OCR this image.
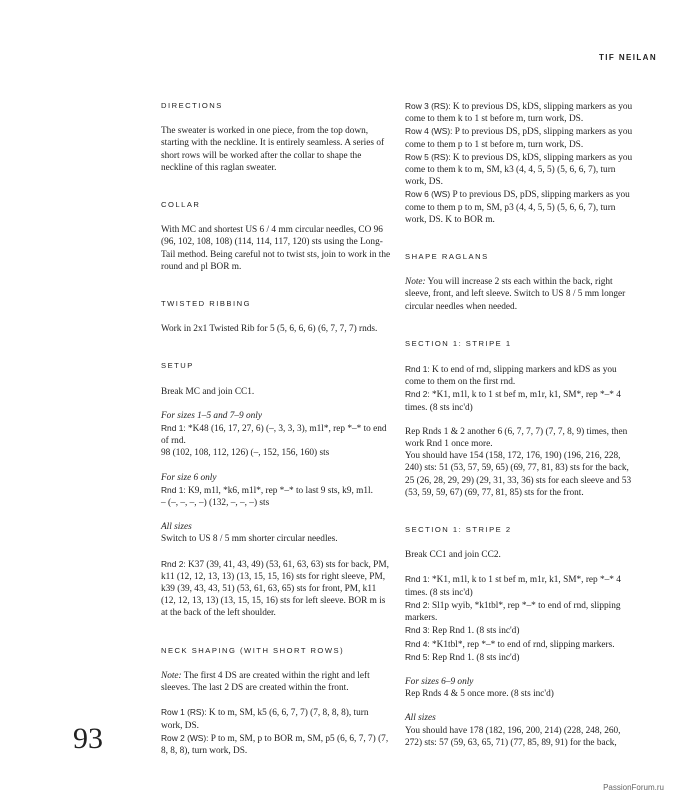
TIF NEILAN
DIRECTIONS

The sweater is worked in one piece, from the top down, starting with the neckline. It is entirely seamless. A series of short rows will be worked after the collar to shape the neckline of this raglan sweater.

COLLAR

With MC and shortest US 6 / 4 mm circular needles, CO 96 (96, 102, 108, 108) (114, 114, 117, 120) sts using the Long-Tail method. Being careful not to twist sts, join to work in the round and pl BOR m.

TWISTED RIBBING

Work in 2x1 Twisted Rib for 5 (5, 6, 6, 6) (6, 7, 7, 7) rnds.

SETUP

Break MC and join CC1.

For sizes 1–5 and 7–9 only
Rnd 1: *K48 (16, 17, 27, 6) (–, 3, 3, 3), m1l*, rep *–* to end of rnd.

98 (102, 108, 112, 126) (–, 152, 156, 160) sts

For size 6 only
Rnd 1: K9, m1l, *k6, m1l*, rep *–* to last 9 sts, k9, m1l.

– (–, –, –, –) (132, –, –, –) sts

All sizes

Switch to US 8 / 5 mm shorter circular needles.

Rnd 2: K37 (39, 41, 43, 49) (53, 61, 63, 63) sts for back, PM, k11 (12, 12, 13, 13) (13, 15, 15, 16) sts for right sleeve, PM, k39 (39, 43, 43, 51) (53, 61, 63, 65) sts for front, PM, k11 (12, 12, 13, 13) (13, 15, 15, 16) sts for left sleeve. BOR m is at the back of the left shoulder.

NECK SHAPING (WITH SHORT ROWS)

Note: The first 4 DS are created within the right and left sleeves. The last 2 DS are created within the front.

Row 1 (RS): K to m, SM, k5 (6, 6, 7, 7) (7, 8, 8, 8), turn work, DS.
Row 2 (WS): P to m, SM, p to BOR m, SM, p5 (6, 6, 7, 7) (7, 8, 8, 8), turn work, DS.
Row 3 (RS): K to previous DS, kDS, slipping markers as you come to them k to 1 st before m, turn work, DS.
Row 4 (WS): P to previous DS, pDS, slipping markers as you come to them p to 1 st before m, turn work, DS.
Row 5 (RS): K to previous DS, kDS, slipping markers as you come to them k to m, SM, k3 (4, 4, 5, 5) (5, 6, 6, 7), turn work, DS.

Row 6 (WS) P to previous DS, pDS, slipping markers as you come to them p to m, SM, p3 (4, 4, 5, 5) (5, 6, 6, 7), turn work, DS. K to BOR m.

SHAPE RAGLANS

Note: You will increase 2 sts each within the back, right sleeve, front, and left sleeve. Switch to US 8 / 5 mm longer circular needles when needed.

SECTION 1: STRIPE 1
Rnd 1: K to end of rnd, slipping markers and kDS as you come to them on the first rnd.

Rnd 2: *K1, m1l, k to 1 st bef m, m1r, k1, SM*, rep *–* 4 times. (8 sts inc'd)

Rep Rnds 1 & 2 another 6 (6, 7, 7, 7) (7, 7, 8, 9) times, then work Rnd 1 once more.

You should have 154 (158, 172, 176, 190) (196, 216, 228, 240) sts: 51 (53, 57, 59, 65) (69, 77, 81, 83) sts for the back, 25 (26, 28, 29, 29) (29, 31, 33, 36) sts for each sleeve and 53 (53, 59, 59, 67) (69, 77, 81, 85) sts for the front.

SECTION 1: STRIPE 2

Break CC1 and join CC2.

Rnd 1: *K1, m1l, k to 1 st bef m, m1r, k1, SM*, rep *–* 4 times. (8 sts inc'd)
Rnd 2: Sl1p wyib, *k1tbl*, rep *–* to end of rnd, slipping markers.
Rnd 3: Rep Rnd 1. (8 sts inc'd)
Rnd 4: *K1tbl*, rep *–* to end of rnd, slipping markers.

Rnd 5: Rep Rnd 1. (8 sts inc'd)

For sizes 6–9 only

Rep Rnds 4 & 5 once more. (8 sts inc'd)

All sizes
You should have 178 (182, 196, 200, 214) (228, 248, 260, 272) sts: 57 (59, 63, 65, 71) (77, 85, 89, 91) for the back,
93
PassionForum.ru
